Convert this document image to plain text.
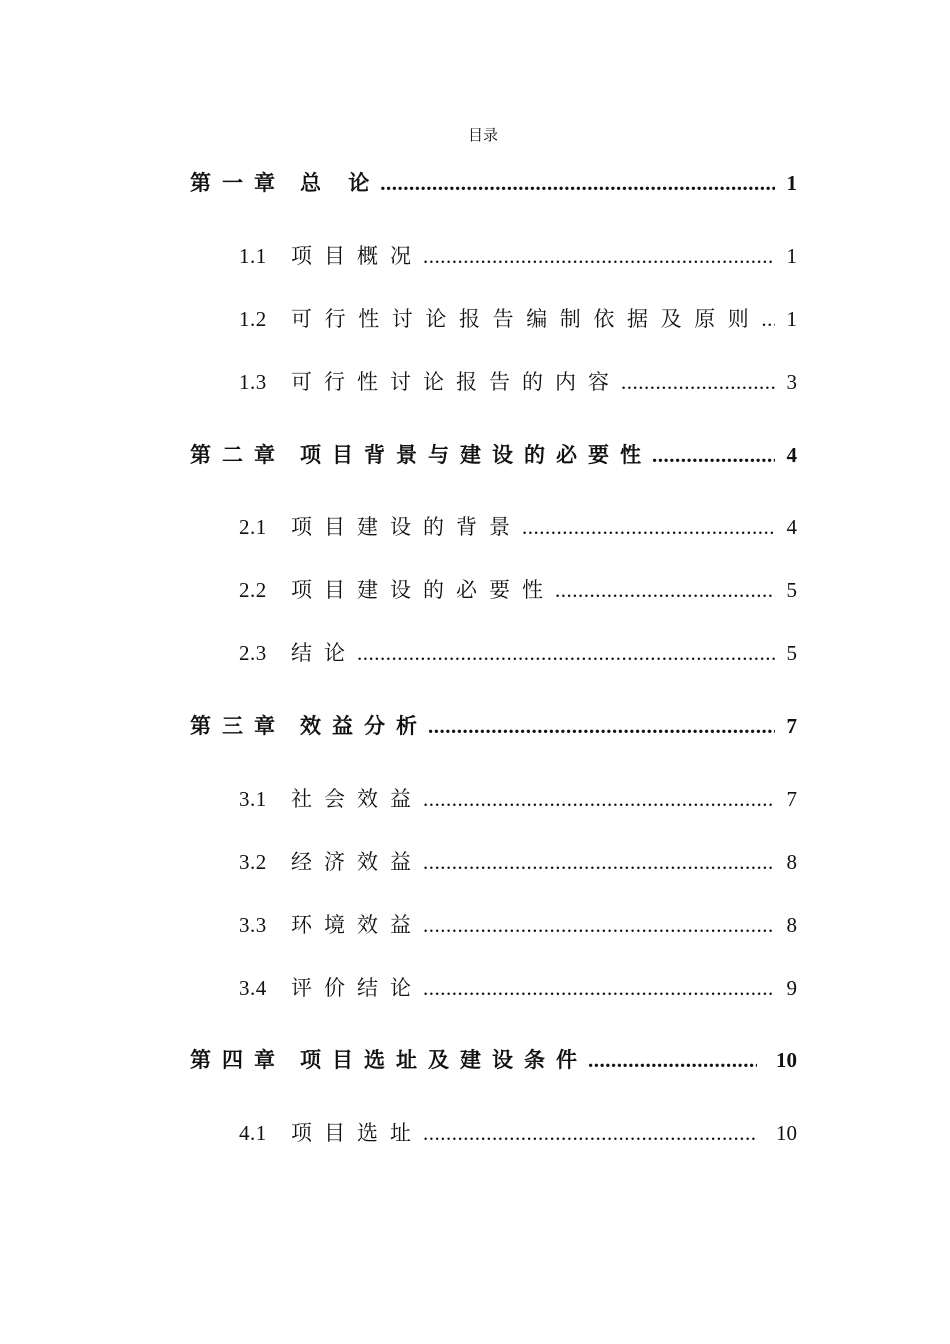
目录
第一章 总 论 .....	1
1.1	项目概况 .....	1
1.2	可行性讨论报告编制依据及原则 ..... 1
1.3	可行性讨论报告的内容 .....	3
第二章 项目背景与建设的必要性 .....	4
2.1	项目建设的背景 .....	4
2.2	项目建设的必要性 .....	5
2.3	结论 .....	5
第三章 效益分析 .....	7
3.1	社会效益 .....	7
3.2	经济效益 .....	8
3.3	环境效益 .....	8
3.4	评价结论 .....	9
第四章 项目选址及建设条件 .....	10
4.1	项目选址 .....	10
